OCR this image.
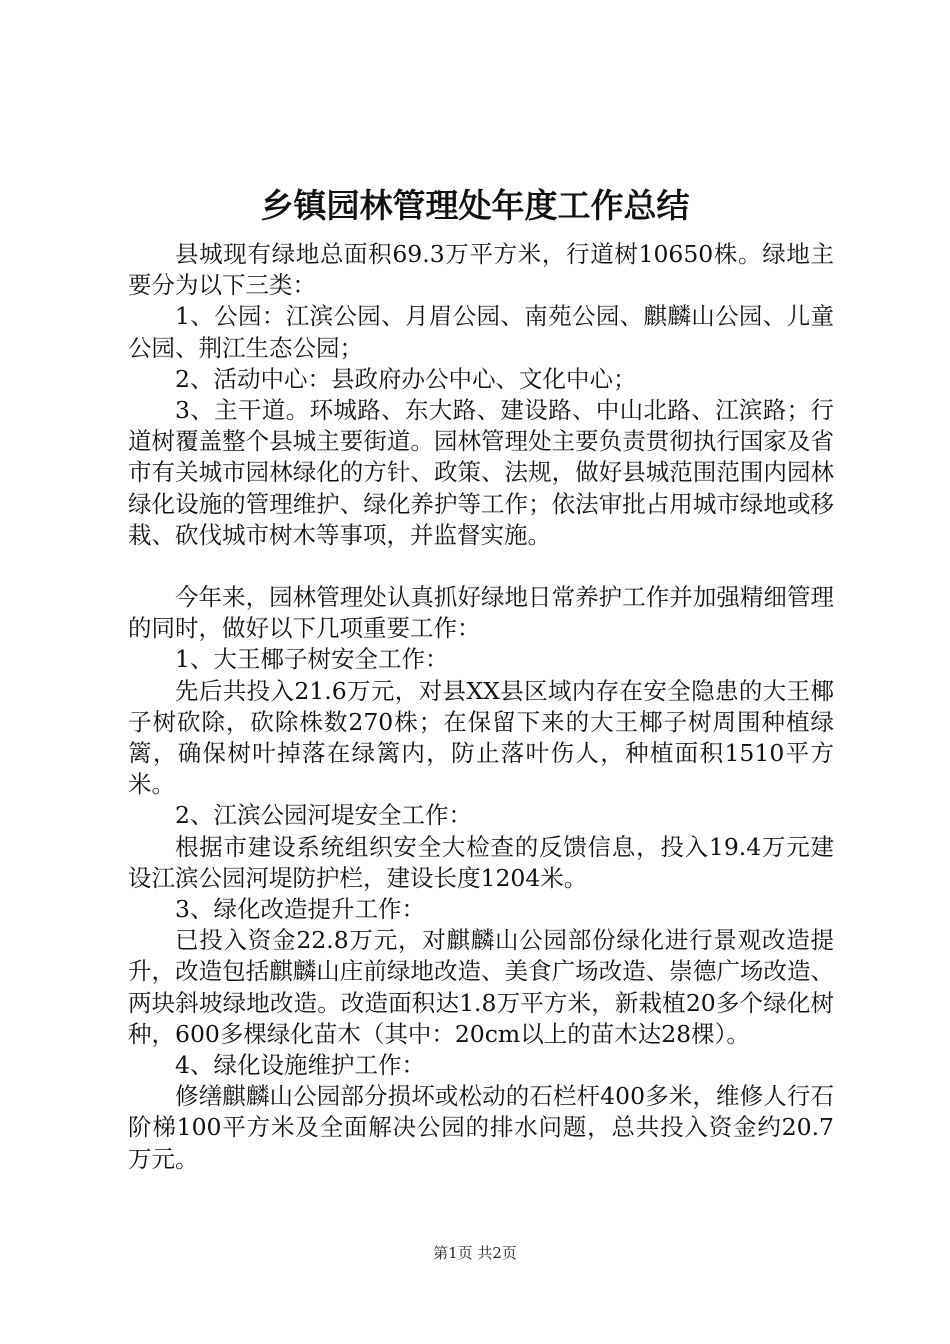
乡镇园林管理处年度工作总结

县城现有绿地总面积69.3万平方米，行道树10650株。绿地主要分为以下三类：

1、公园：江滨公园、月眉公园、南苑公园、麒麟山公园、儿童公园、荆江生态公园；

2、活动中心：县政府办公中心、文化中心；

3、主干道。环城路、东大路、建设路、中山北路、江滨路；行道树覆盖整个县城主要街道。园林管理处主要负责贯彻执行国家及省市有关城市园林绿化的方针、政策、法规，做好县城范围范围内园林绿化设施的管理维护、绿化养护等工作；依法审批占用城市绿地或移栽、砍伐城市树木等事项，并监督实施。

今年来，园林管理处认真抓好绿地日常养护工作并加强精细管理的同时，做好以下几项重要工作：

1、大王椰子树安全工作：

先后共投入21.6万元，对县XX县区域内存在安全隐患的大王椰子树砍除，砍除株数270株；在保留下来的大王椰子树周围种植绿篱，确保树叶掉落在绿篱内，防止落叶伤人，种植面积1510平方米。

2、江滨公园河堤安全工作：

根据市建设系统组织安全大检查的反馈信息，投入19.4万元建设江滨公园河堤防护栏，建设长度1204米。

3、绿化改造提升工作：

已投入资金22.8万元，对麒麟山公园部份绿化进行景观改造提升，改造包括麒麟山庄前绿地改造、美食广场改造、崇德广场改造、两块斜坡绿地改造。改造面积达1.8万平方米，新栽植20多个绿化树种，600多棵绿化苗木（其中：20cm以上的苗木达28棵）。

4、绿化设施维护工作：

修缮麒麟山公园部分损坏或松动的石栏杆400多米，维修人行石阶梯100平方米及全面解决公园的排水问题，总共投入资金约20.7万元。

第1页 共2页
